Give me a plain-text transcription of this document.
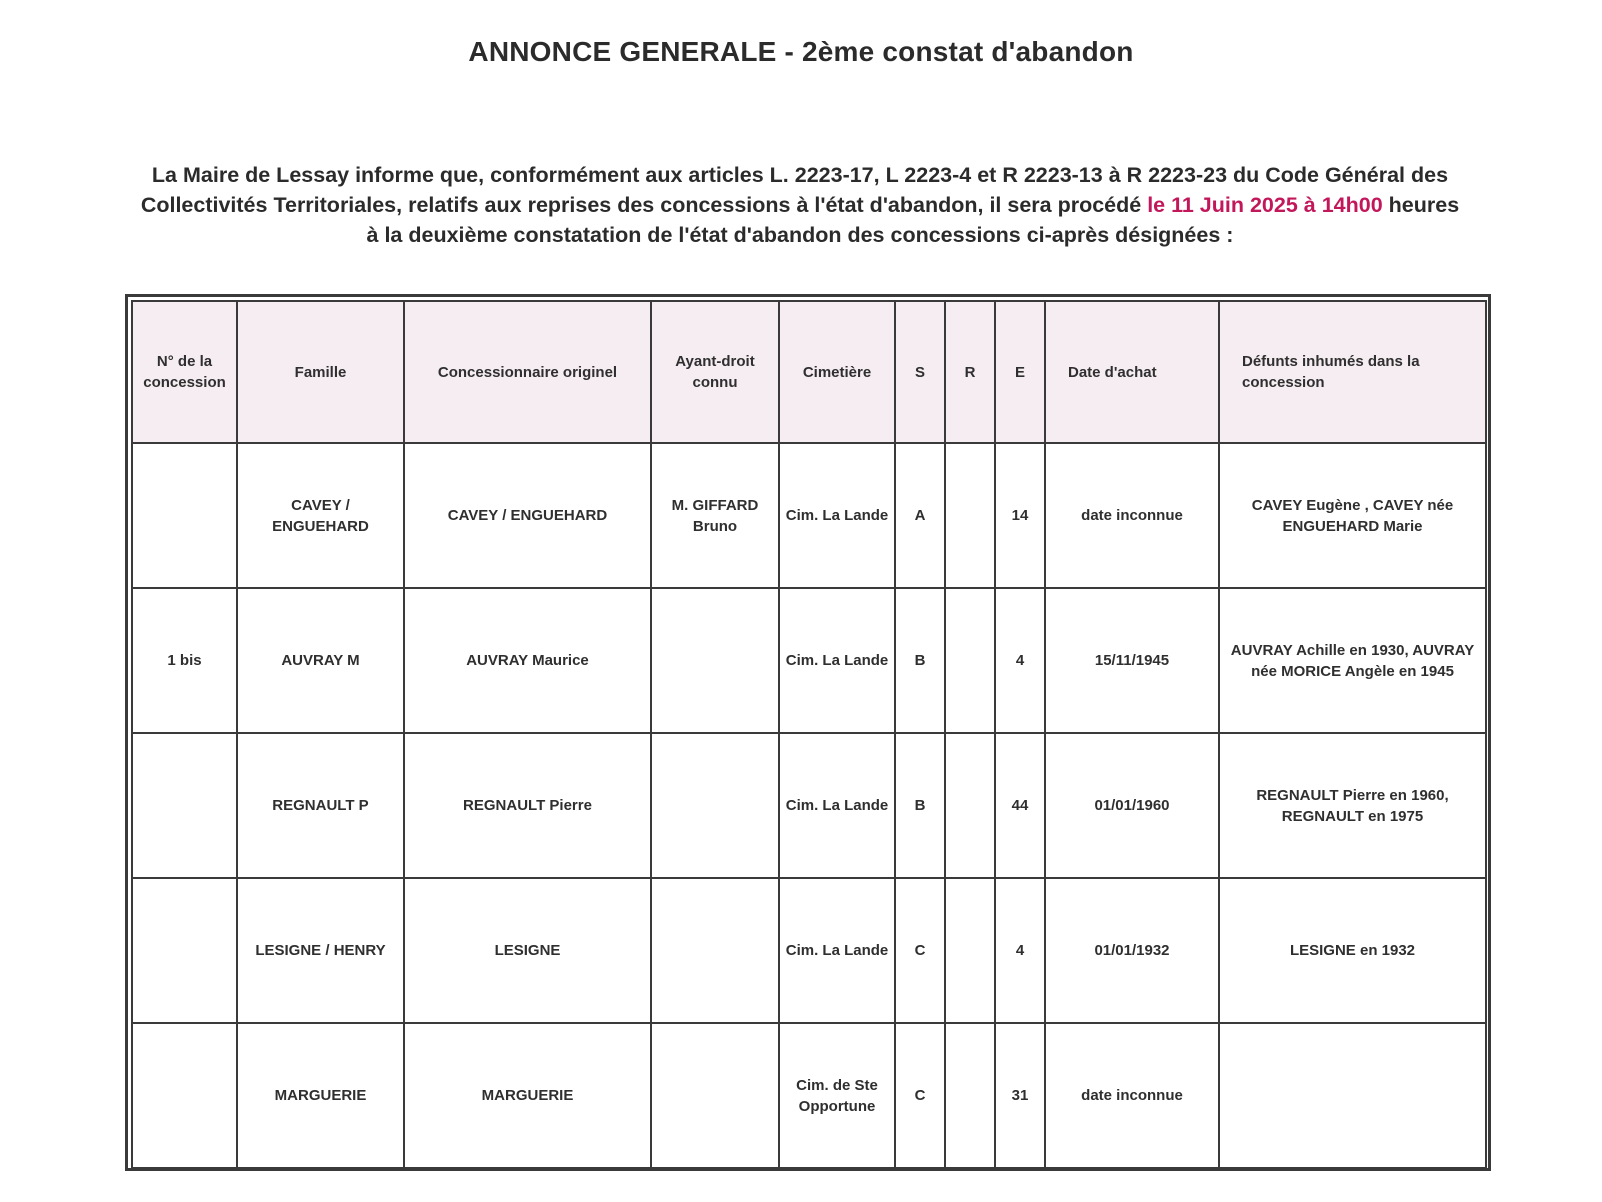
ANNONCE GENERALE - 2ème constat d'abandon
La Maire de Lessay informe que, conformément aux articles L. 2223-17, L 2223-4 et R 2223-13 à R 2223-23 du Code Général des Collectivités Territoriales, relatifs aux reprises des concessions à l'état d'abandon, il sera procédé le 11 Juin 2025 à 14h00 heures à la deuxième constatation de l'état d'abandon des concessions ci-après désignées :
N° de la concession	Famille	Concessionnaire originel	Ayant-droit connu	Cimetière	S	R	E	Date d'achat	Défunts inhumés dans la concession
	CAVEY / ENGUEHARD	CAVEY / ENGUEHARD	M. GIFFARD Bruno	Cim. La Lande	A		14	date inconnue	CAVEY Eugène , CAVEY née ENGUEHARD Marie
1 bis	AUVRAY M	AUVRAY Maurice		Cim. La Lande	B		4	15/11/1945	AUVRAY Achille en 1930, AUVRAY née MORICE Angèle en 1945
	REGNAULT P	REGNAULT Pierre		Cim. La Lande	B		44	01/01/1960	REGNAULT Pierre en 1960, REGNAULT en 1975
	LESIGNE / HENRY	LESIGNE		Cim. La Lande	C		4	01/01/1932	LESIGNE en 1932
	MARGUERIE	MARGUERIE		Cim. de Ste Opportune	C		31	date inconnue	
